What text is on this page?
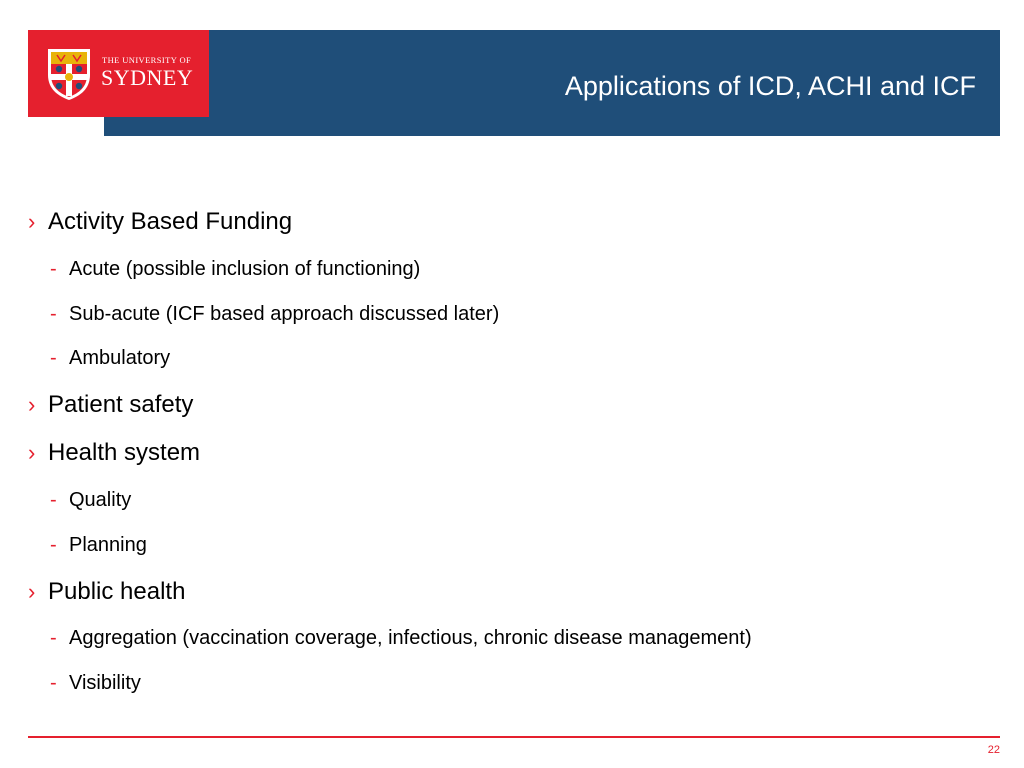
Applications of ICD, ACHI and ICF
THE UNIVERSITY OF
SYDNEY
› Activity Based Funding
- Acute (possible inclusion of functioning)
- Sub-acute (ICF based approach discussed later)
- Ambulatory
› Patient safety
› Health system
- Quality
- Planning
› Public health
- Aggregation (vaccination coverage, infectious, chronic disease management)
- Visibility
22
